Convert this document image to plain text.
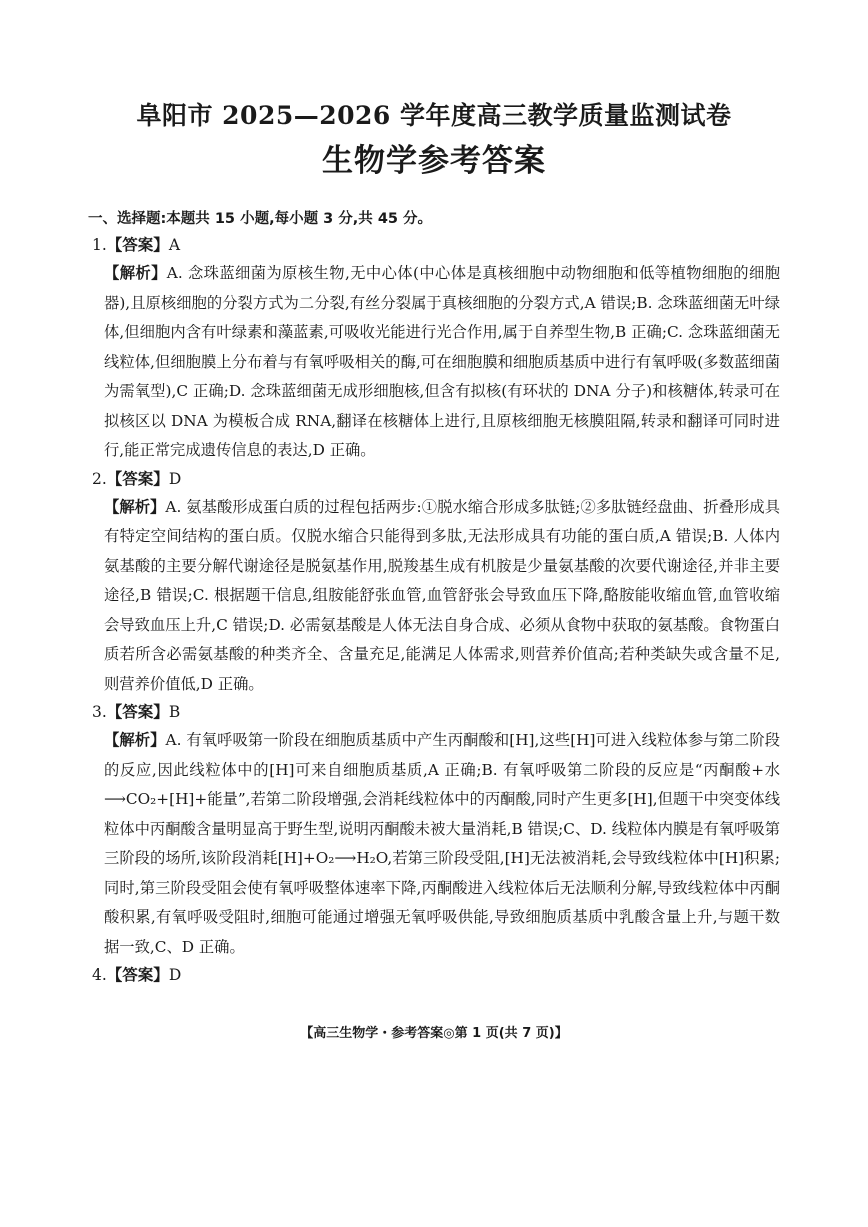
阜阳市 2025—2026 学年度高三教学质量监测试卷
生物学参考答案
一、选择题:本题共 15 小题,每小题 3 分,共 45 分。
1.【答案】A
【解析】A. 念珠蓝细菌为原核生物,无中心体(中心体是真核细胞中动物细胞和低等植物细胞的细胞器),且原核细胞的分裂方式为二分裂,有丝分裂属于真核细胞的分裂方式,A 错误;B. 念珠蓝细菌无叶绿体,但细胞内含有叶绿素和藻蓝素,可吸收光能进行光合作用,属于自养型生物,B 正确;C. 念珠蓝细菌无线粒体,但细胞膜上分布着与有氧呼吸相关的酶,可在细胞膜和细胞质基质中进行有氧呼吸(多数蓝细菌为需氧型),C 正确;D. 念珠蓝细菌无成形细胞核,但含有拟核(有环状的 DNA 分子)和核糖体,转录可在拟核区以 DNA 为模板合成 RNA,翻译在核糖体上进行,且原核细胞无核膜阻隔,转录和翻译可同时进行,能正常完成遗传信息的表达,D 正确。
2.【答案】D
【解析】A. 氨基酸形成蛋白质的过程包括两步:①脱水缩合形成多肽链;②多肽链经盘曲、折叠形成具有特定空间结构的蛋白质。仅脱水缩合只能得到多肽,无法形成具有功能的蛋白质,A 错误;B. 人体内氨基酸的主要分解代谢途径是脱氨基作用,脱羧基生成有机胺是少量氨基酸的次要代谢途径,并非主要途径,B 错误;C. 根据题干信息,组胺能舒张血管,血管舒张会导致血压下降,酪胺能收缩血管,血管收缩会导致血压上升,C 错误;D. 必需氨基酸是人体无法自身合成、必须从食物中获取的氨基酸。食物蛋白质若所含必需氨基酸的种类齐全、含量充足,能满足人体需求,则营养价值高;若种类缺失或含量不足,则营养价值低,D 正确。
3.【答案】B
【解析】A. 有氧呼吸第一阶段在细胞质基质中产生丙酮酸和[H],这些[H]可进入线粒体参与第二阶段的反应,因此线粒体中的[H]可来自细胞质基质,A 正确;B. 有氧呼吸第二阶段的反应是“丙酮酸+水⟶CO₂+[H]+能量”,若第二阶段增强,会消耗线粒体中的丙酮酸,同时产生更多[H],但题干中突变体线粒体中丙酮酸含量明显高于野生型,说明丙酮酸未被大量消耗,B 错误;C、D. 线粒体内膜是有氧呼吸第三阶段的场所,该阶段消耗[H]+O₂⟶H₂O,若第三阶段受阻,[H]无法被消耗,会导致线粒体中[H]积累;同时,第三阶段受阻会使有氧呼吸整体速率下降,丙酮酸进入线粒体后无法顺利分解,导致线粒体中丙酮酸积累,有氧呼吸受阻时,细胞可能通过增强无氧呼吸供能,导致细胞质基质中乳酸含量上升,与题干数据一致,C、D 正确。
4.【答案】D
【高三生物学・参考答案◎第 1 页(共 7 页)】
